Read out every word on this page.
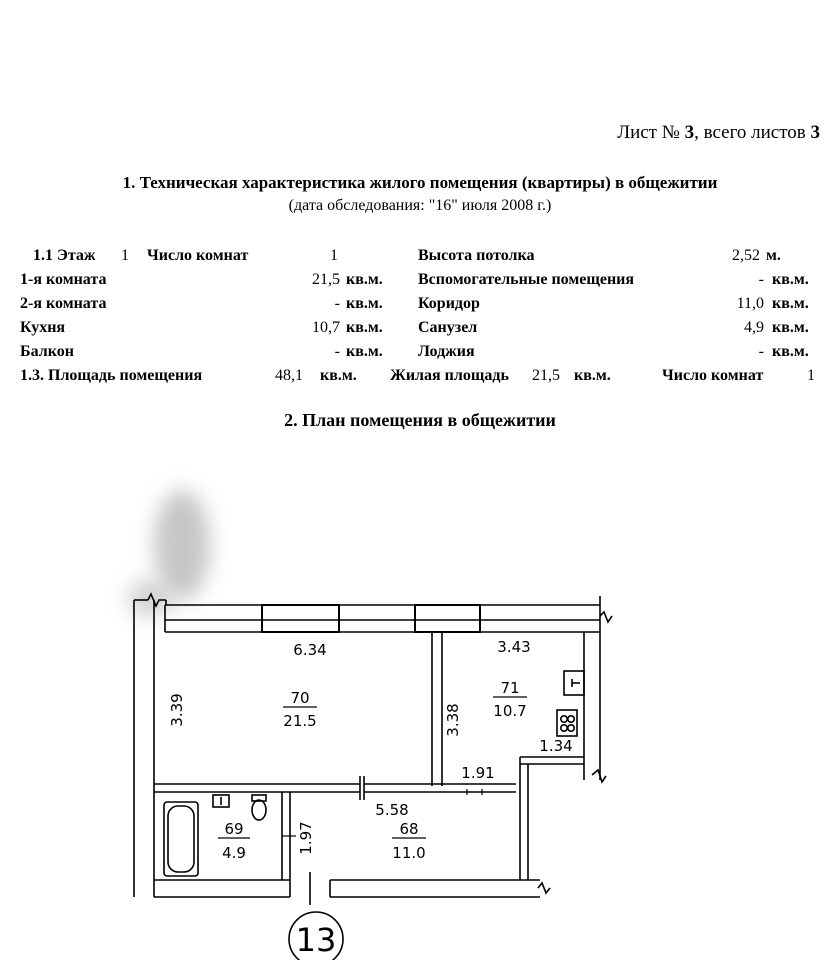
Лист № 3, всего листов 3
1. Техническая характеристика жилого помещения (квартиры) в общежитии
(дата обследования: "16" июля 2008 г.)
1.1 Этаж 1 Число комнат	1	Высота потолка	2,52 м.
1-я комната	21,5 кв.м. Вспомогательные помещения	- кв.м.
2-я комната	- кв.м. Коридор	11,0 кв.м.
Кухня	10,7 кв.м. Санузел	4,9 кв.м.
Балкон	- кв.м. Лоджия	- кв.м.
1.3. Площадь помещения	48,1 кв.м. Жилая площадь 21,5 кв.м.	Число комнат	1
2. План помещения в общежитии
6.34
70
21.5
3.39
3.43
71
10.7
3.38
1.34
1.91
5.58
68
11.0
69
4.9	1.97
13
